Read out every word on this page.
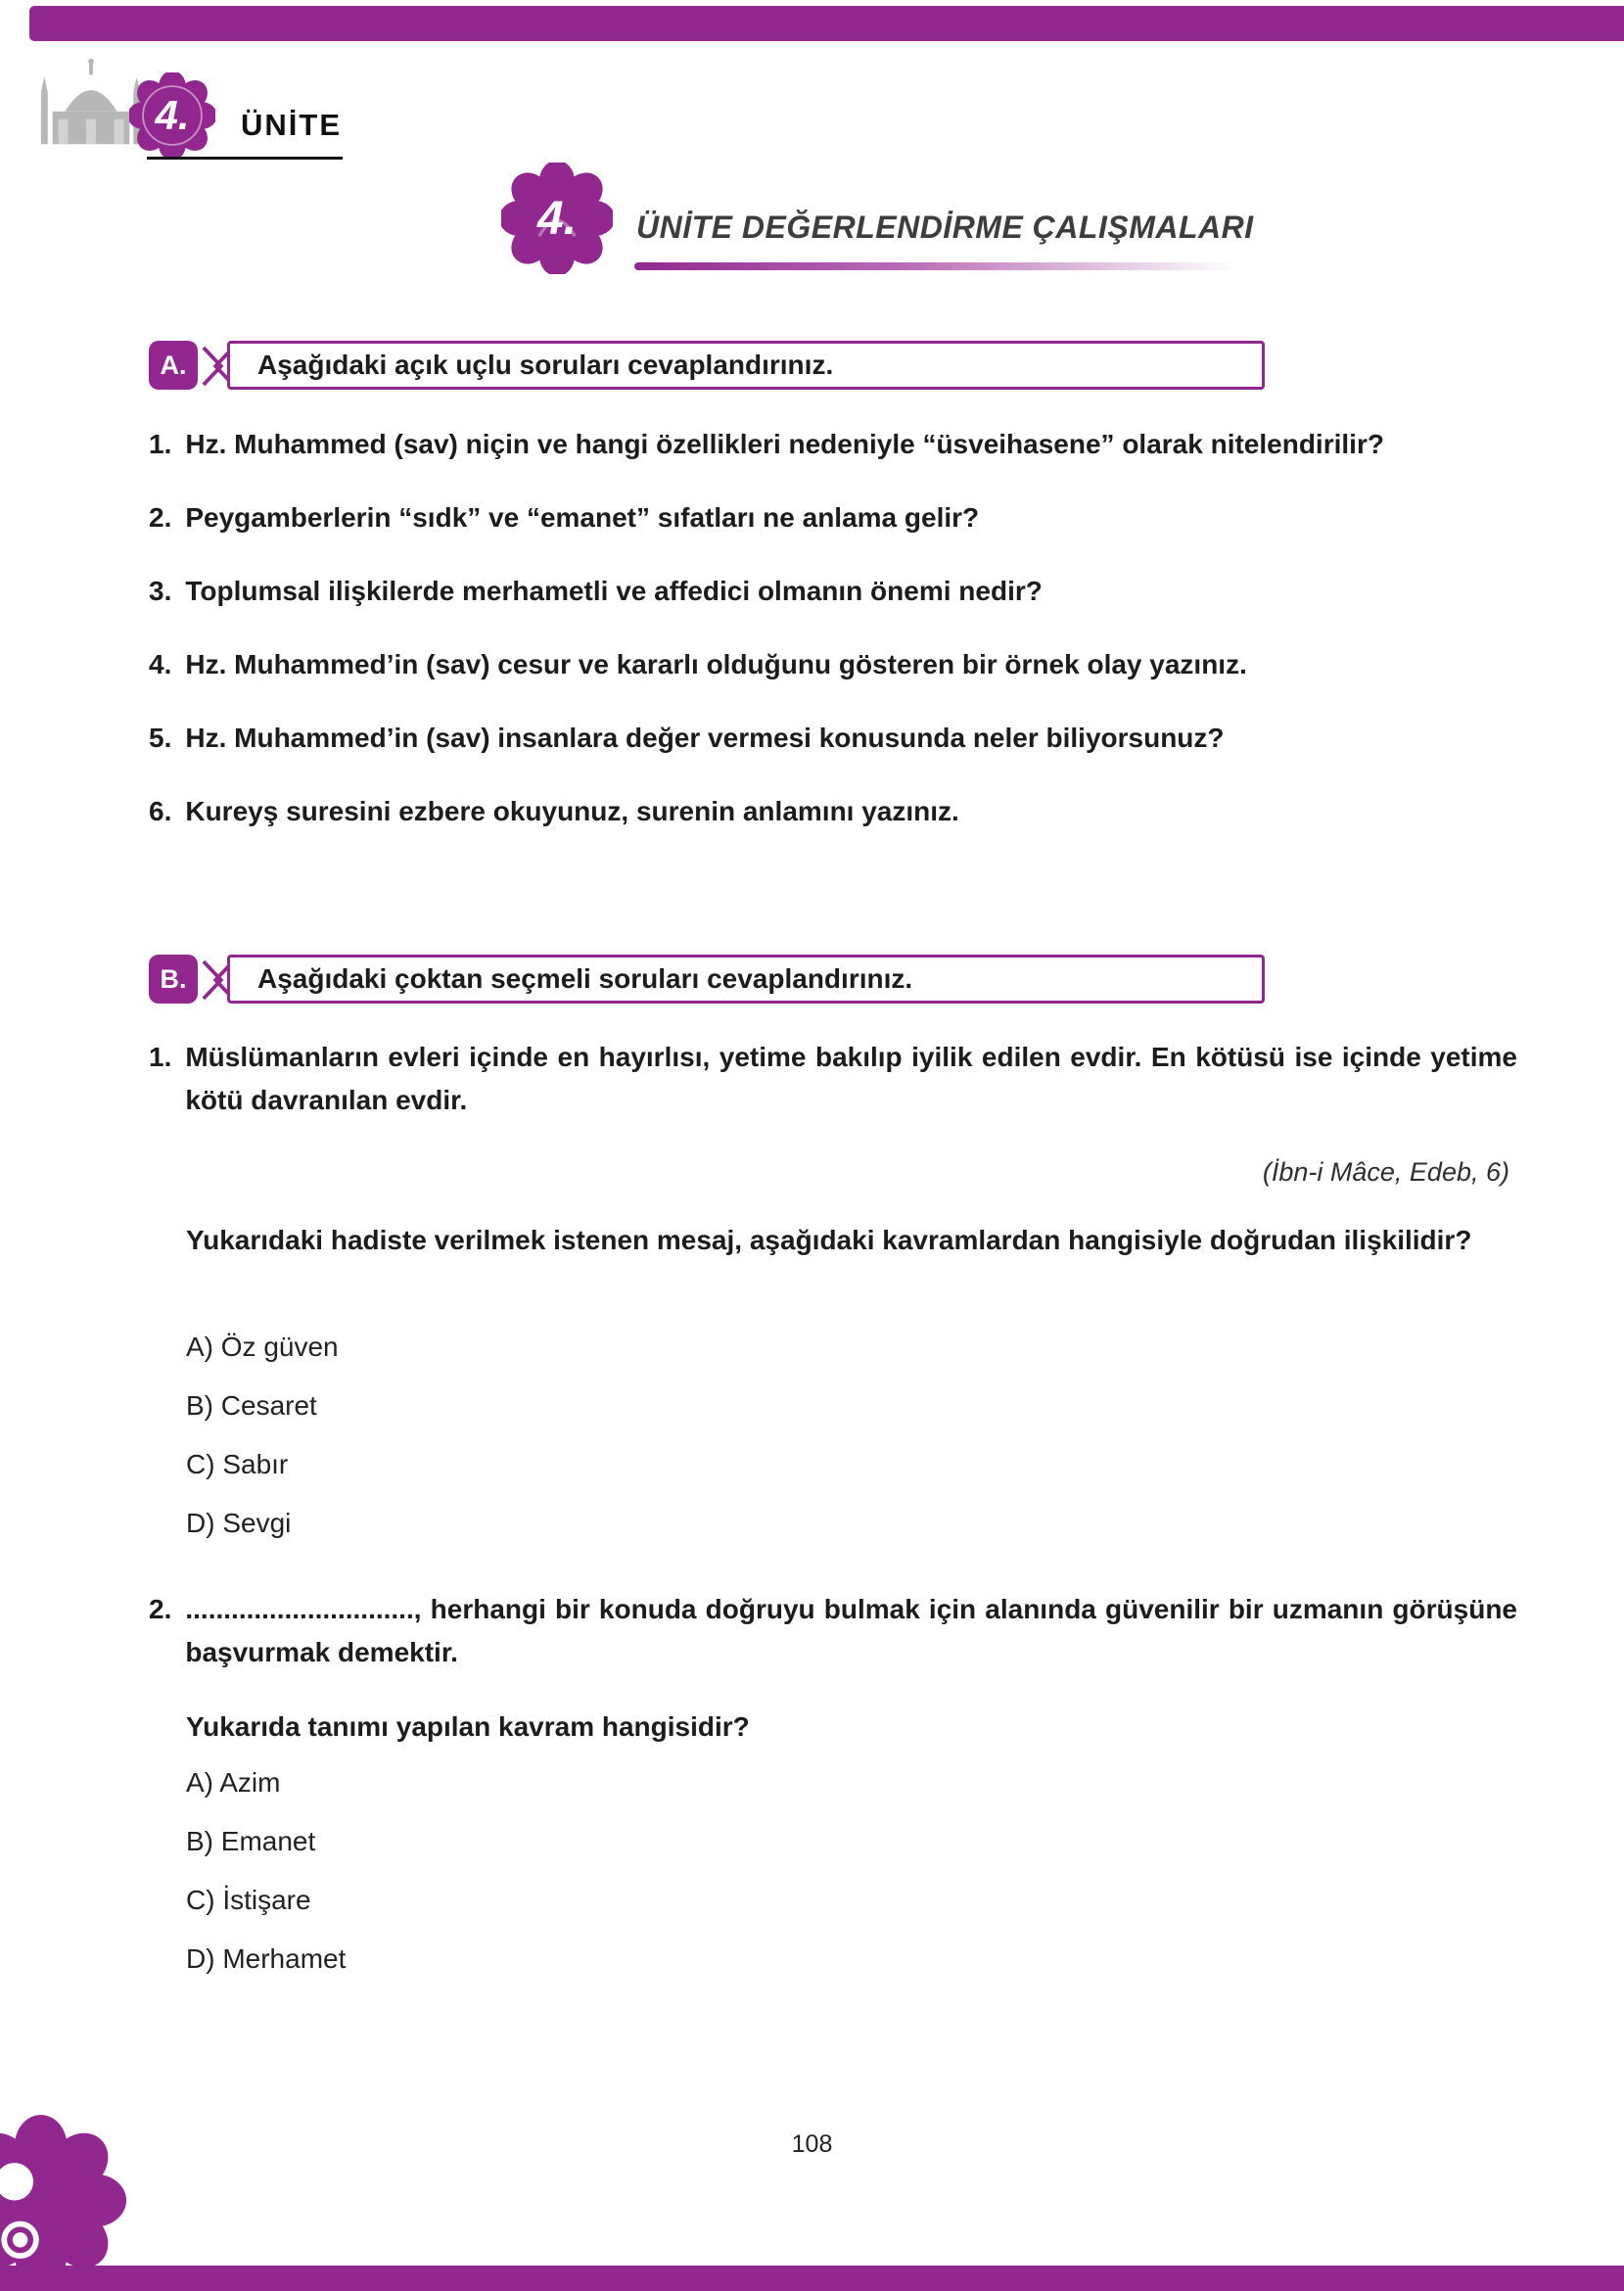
4.	ÜNİTE
4.	ÜNİTE DEĞERLENDİRME ÇALIŞMALARI
A.	Aşağıdaki açık uçlu soruları cevaplandırınız.
1. Hz. Muhammed (sav) niçin ve hangi özellikleri nedeniyle “üsveihasene” olarak nitelendirilir?
2. Peygamberlerin “sıdk” ve “emanet” sıfatları ne anlama gelir?
3. Toplumsal ilişkilerde merhametli ve affedici olmanın önemi nedir?
4. Hz. Muhammed’in (sav) cesur ve kararlı olduğunu gösteren bir örnek olay yazınız.
5. Hz. Muhammed’in (sav) insanlara değer vermesi konusunda neler biliyorsunuz?
6. Kureyş suresini ezbere okuyunuz, surenin anlamını yazınız.
B.	Aşağıdaki çoktan seçmeli soruları cevaplandırınız.
1. Müslümanların evleri içinde en hayırlısı, yetime bakılıp iyilik edilen evdir. En kötüsü ise içinde yetime kötü davranılan evdir.
(İbn-i Mâce, Edeb, 6)
Yukarıdaki hadiste verilmek istenen mesaj, aşağıdaki kavramlardan hangisiyle doğrudan ilişkilidir?
A) Öz güven
B) Cesaret
C) Sabır
D) Sevgi
2. .............................., herhangi bir konuda doğruyu bulmak için alanında güvenilir bir uzmanın görüşüne başvurmak demektir.
Yukarıda tanımı yapılan kavram hangisidir?
A) Azim
B) Emanet
C) İstişare
D) Merhamet
108
